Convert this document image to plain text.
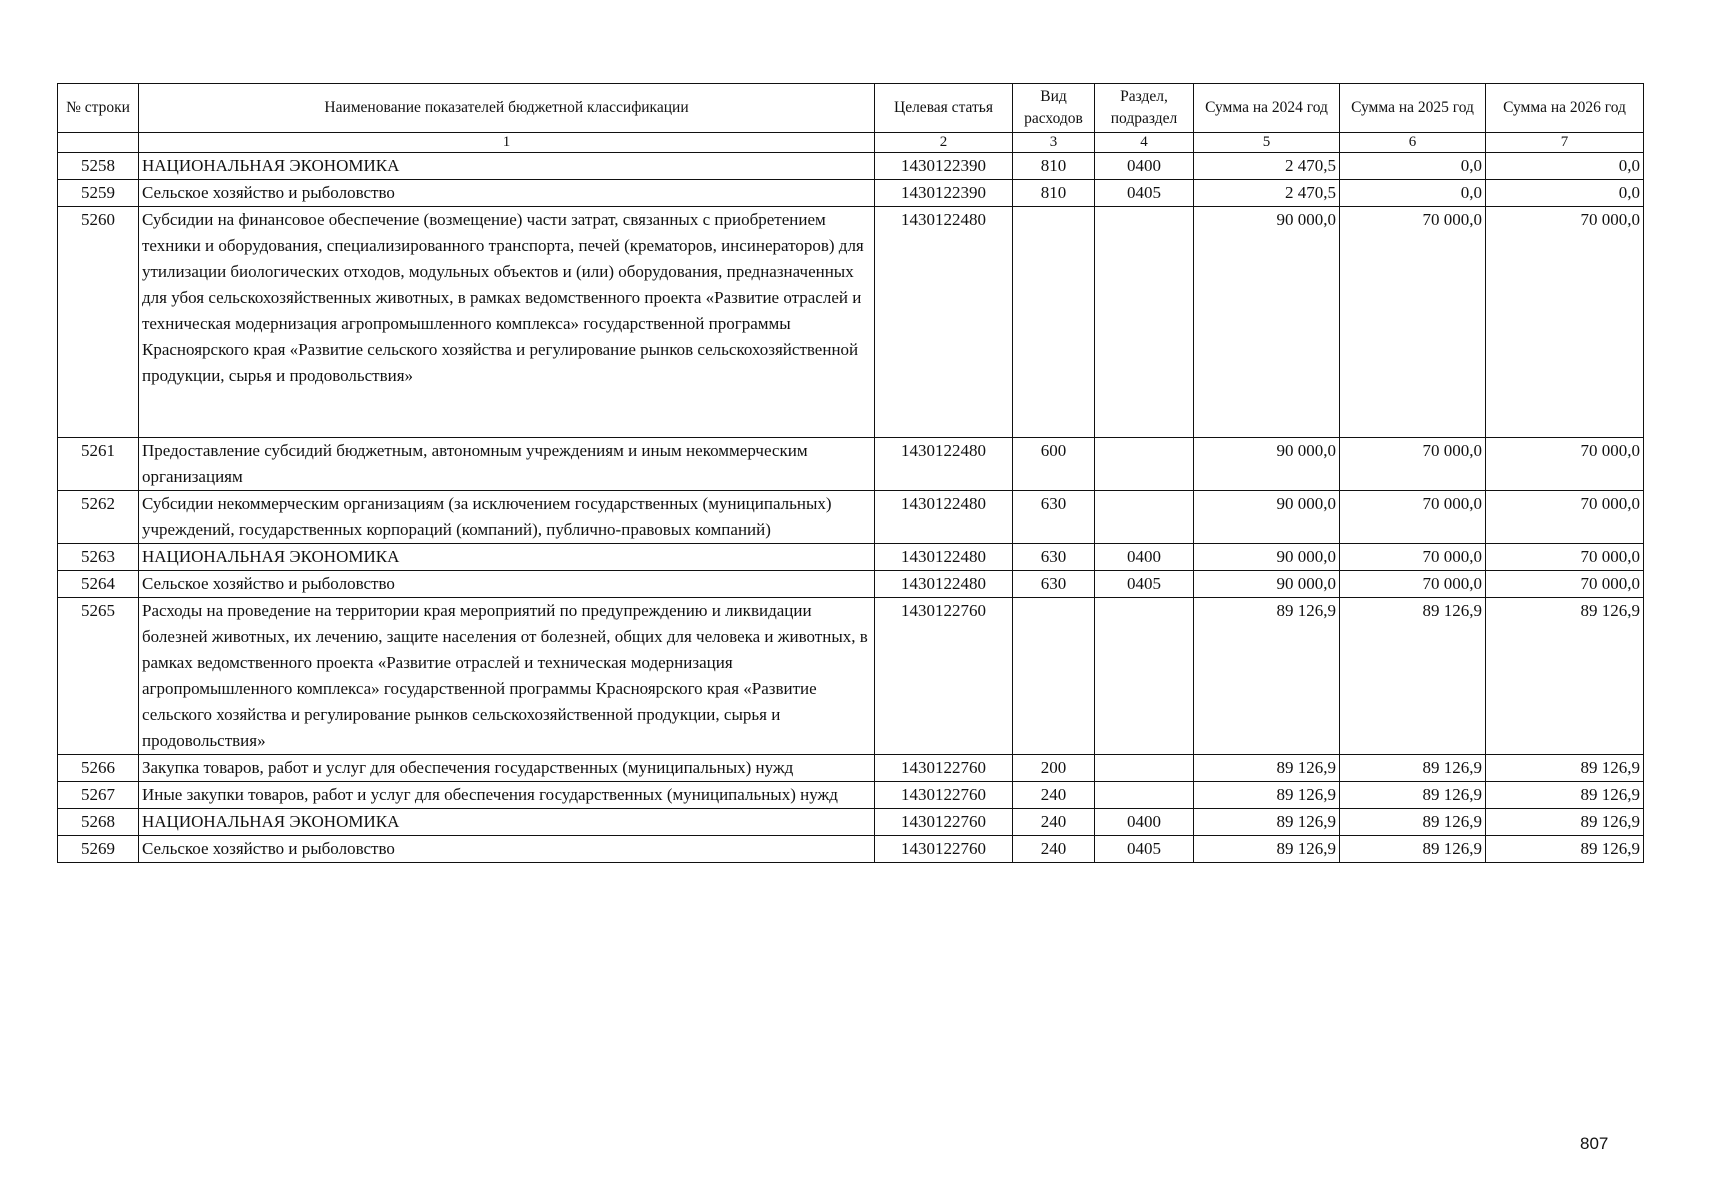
№ строки	Наименование показателей бюджетной классификации	Целевая статья	Вид расходов	Раздел, подраздел	Сумма на 2024 год	Сумма на 2025 год	Сумма на 2026 год
	1	2	3	4	5	6	7
5258	НАЦИОНАЛЬНАЯ ЭКОНОМИКА	1430122390	810	0400	2 470,5	0,0	0,0
5259	Сельское хозяйство и рыболовство	1430122390	810	0405	2 470,5	0,0	0,0
5260	Субсидии на финансовое обеспечение (возмещение) части затрат, связанных с приобретением техники и оборудования, специализированного транспорта, печей (крематоров, инсинераторов) для утилизации биологических отходов, модульных объектов и (или) оборудования, предназначенных для убоя сельскохозяйственных животных, в рамках ведомственного проекта «Развитие отраслей и техническая модернизация агропромышленного комплекса» государственной программы Красноярского края «Развитие сельского хозяйства и регулирование рынков сельскохозяйственной продукции, сырья и продовольствия»	1430122480			90 000,0	70 000,0	70 000,0
5261	Предоставление субсидий бюджетным, автономным учреждениям и иным некоммерческим организациям	1430122480	600		90 000,0	70 000,0	70 000,0
5262	Субсидии некоммерческим организациям (за исключением государственных (муниципальных) учреждений, государственных корпораций (компаний), публично-правовых компаний)	1430122480	630		90 000,0	70 000,0	70 000,0
5263	НАЦИОНАЛЬНАЯ ЭКОНОМИКА	1430122480	630	0400	90 000,0	70 000,0	70 000,0
5264	Сельское хозяйство и рыболовство	1430122480	630	0405	90 000,0	70 000,0	70 000,0
5265	Расходы на проведение на территории края мероприятий по предупреждению и ликвидации болезней животных, их лечению, защите населения от болезней, общих для человека и животных, в рамках ведомственного проекта «Развитие отраслей и техническая модернизация агропромышленного комплекса» государственной программы Красноярского края «Развитие сельского хозяйства и регулирование рынков сельскохозяйственной продукции, сырья и продовольствия»	1430122760			89 126,9	89 126,9	89 126,9
5266	Закупка товаров, работ и услуг для обеспечения государственных (муниципальных) нужд	1430122760	200		89 126,9	89 126,9	89 126,9
5267	Иные закупки товаров, работ и услуг для обеспечения государственных (муниципальных) нужд	1430122760	240		89 126,9	89 126,9	89 126,9
5268	НАЦИОНАЛЬНАЯ ЭКОНОМИКА	1430122760	240	0400	89 126,9	89 126,9	89 126,9
5269	Сельское хозяйство и рыболовство	1430122760	240	0405	89 126,9	89 126,9	89 126,9
807
